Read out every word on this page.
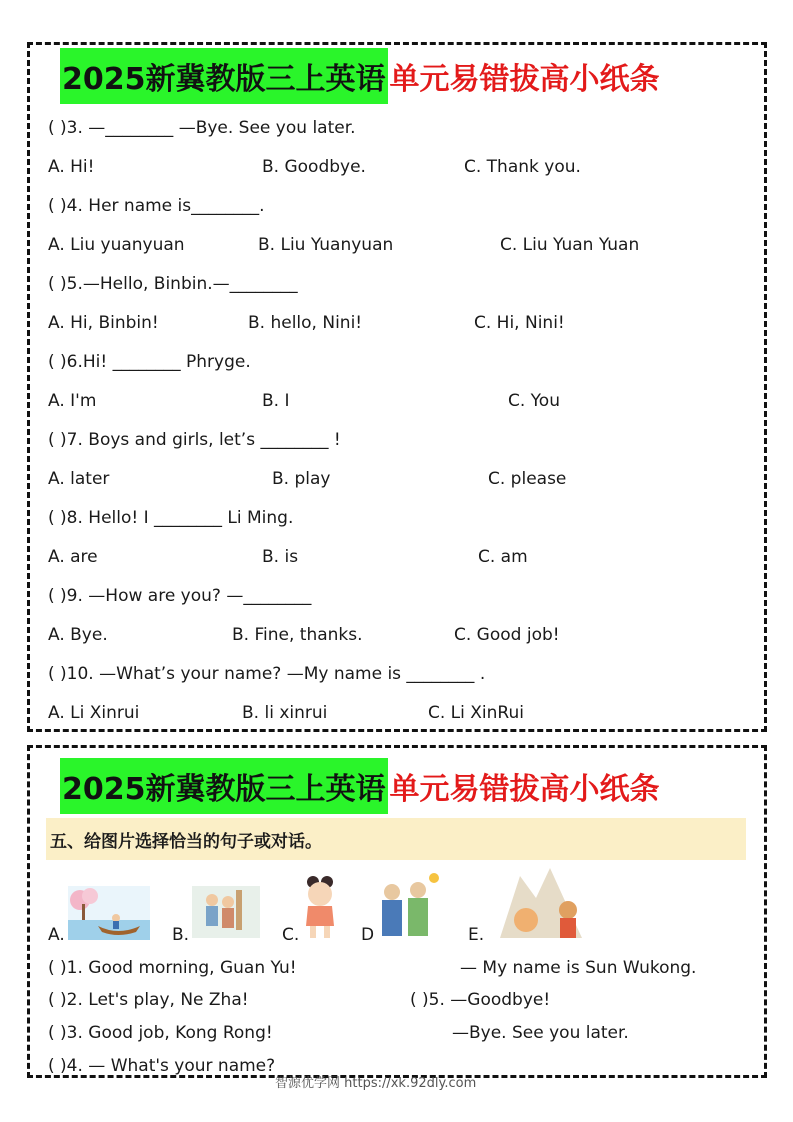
2025新冀教版三上英语 单元易错拔高小纸条
( )3. —________ —Bye. See you later.
A. Hi!	B. Goodbye.	C. Thank you.
( )4. Her name is________.
A. Liu yuanyuan	B. Liu Yuanyuan	C. Liu Yuan Yuan
( )5.—Hello, Binbin.—________
A. Hi, Binbin!	B. hello, Nini!	C. Hi, Nini!
( )6.Hi! ________ Phryge.
A. I'm	B. I	C. You
( )7. Boys and girls, let’s ________ !
A. later	B. play	C. please
( )8. Hello! I ________ Li Ming.
A. are	B. is	C. am
( )9. —How are you? —________
A. Bye.	B. Fine, thanks.	C. Good job!
( )10. —What’s your name? —My name is ________ .
A. Li Xinrui	B. li xinrui	C. Li XinRui
2025新冀教版三上英语 单元易错拔高小纸条
五、给图片选择恰当的句子或对话。
A.	B.	C.	D	E.
( )1. Good morning, Guan Yu!	— My name is Sun Wukong.
( )2. Let's play, Ne Zha!	( )5. —Goodbye!
( )3. Good job, Kong Rong!	—Bye. See you later.
( )4. — What's your name?
智源优学网 https://xk.92dly.com
